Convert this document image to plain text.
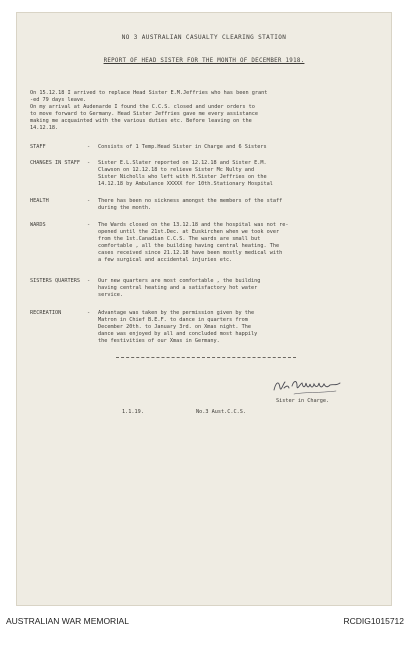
NO 3 AUSTRALIAN CASUALTY CLEARING STATION
REPORT OF HEAD SISTER FOR THE MONTH OF DECEMBER 1918.
On 15.12.18 I arrived to replace Head Sister E.M.Jeffries who has been grant
-ed 79 days leave.
On my arrival at Audenarde I found the C.C.S. closed and under orders to
to move forward to Germany. Head Sister Jeffries gave me every assistance
making me acquainted with the various duties etc. Before leaving on the
14.12.18.
STAFF	-	Consists of 1 Temp.Head Sister in Charge and 6 Sisters
CHANGES IN STAFF	-	Sister E.L.Slater reported on 12.12.18 and Sister E.M.
Clawson on 12.12.18 to relieve Sister Mc Nulty and
Sister Nicholls who left with H.Sister Jeffries on the
14.12.18 by Ambulance XXXXX for 10th.Stationary Hospital
HEALTH	-	There has been no sickness amongst the members of the staff
during the month.
WARDS	-	The Wards closed on the 13.12.18 and the hospital was not re-
opened until the 21st.Dec. at Euskirchen when we took over
from the 1st.Canadian C.C.S. The wards are small but
comfortable , all the building having central heating. The
cases received since 21.12.18 have been mostly medical with
a few surgical and accidental injuries etc.
SISTERS QUARTERS	-	Our new quarters are most comfortable , the building
having central heating and a satisfactory hot water
service.
RECREATION	-	Advantage was taken by the permission given by the
Matron in Chief B.E.F. to dance in quarters from
December 20th. to January 3rd. on Xmas night. The
dance was enjoyed by all and concluded most happily
the festivities of our Xmas in Germany.
Sister in Charge.
1.1.19.	No.3 Aust.C.C.S.
AUSTRALIAN WAR MEMORIAL	RCDIG1015712
